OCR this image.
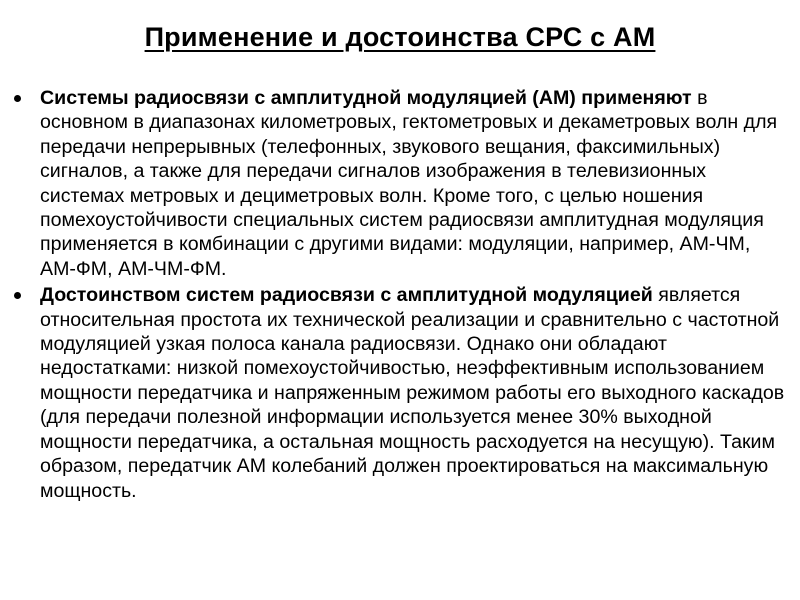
Применение и достоинства СРС с АМ
Системы радиосвязи с амплитудной модуляцией (АМ) применяют в основном в диапазонах километровых, гектометровых и декаметровых волн для передачи непрерывных (телефонных, звукового вещания, факсимильных) сигналов, а также для передачи сигналов изображения в телевизионных системах метровых и дециметровых волн. Кроме того, с целью ношения помехоустойчивости специальных систем радиосвязи амплитудная модуляция применяется в комбинации с другими видами: модуляции, например, АМ-ЧМ, АМ-ФМ, АМ-ЧМ-ФМ.
Достоинством систем радиосвязи с амплитудной модуляцией является относительная простота их технической реализации и сравнительно с частотной модуляцией узкая полоса канала радиосвязи. Однако они обладают недостатками: низкой помехоустойчивостью, неэффективным использованием мощности передатчика и напряженным режимом работы его выходного каскадов (для передачи полезной информации используется менее 30% выходной мощности передатчика, а остальная мощность расходуется на несущую). Таким образом, передатчик АМ колебаний должен проектироваться на максимальную мощность.
